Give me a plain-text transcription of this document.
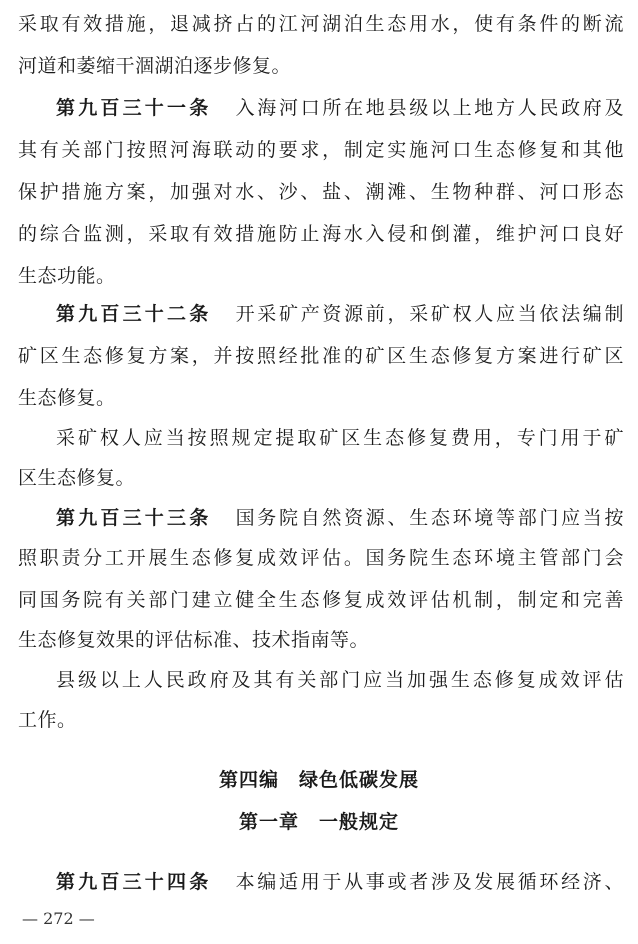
采取有效措施，退减挤占的江河湖泊生态用水，使有条件的断流
河道和萎缩干涸湖泊逐步修复。
第九百三十一条 入海河口所在地县级以上地方人民政府及
其有关部门按照河海联动的要求，制定实施河口生态修复和其他
保护措施方案，加强对水、沙、盐、潮滩、生物种群、河口形态
的综合监测，采取有效措施防止海水入侵和倒灌，维护河口良好
生态功能。
第九百三十二条 开采矿产资源前，采矿权人应当依法编制
矿区生态修复方案，并按照经批准的矿区生态修复方案进行矿区
生态修复。
采矿权人应当按照规定提取矿区生态修复费用，专门用于矿
区生态修复。
第九百三十三条 国务院自然资源、生态环境等部门应当按
照职责分工开展生态修复成效评估。国务院生态环境主管部门会
同国务院有关部门建立健全生态修复成效评估机制，制定和完善
生态修复效果的评估标准、技术指南等。
县级以上人民政府及其有关部门应当加强生态修复成效评估
工作。
第四编　绿色低碳发展
第一章　一般规定
第九百三十四条 本编适用于从事或者涉及发展循环经济、
— 272 —
